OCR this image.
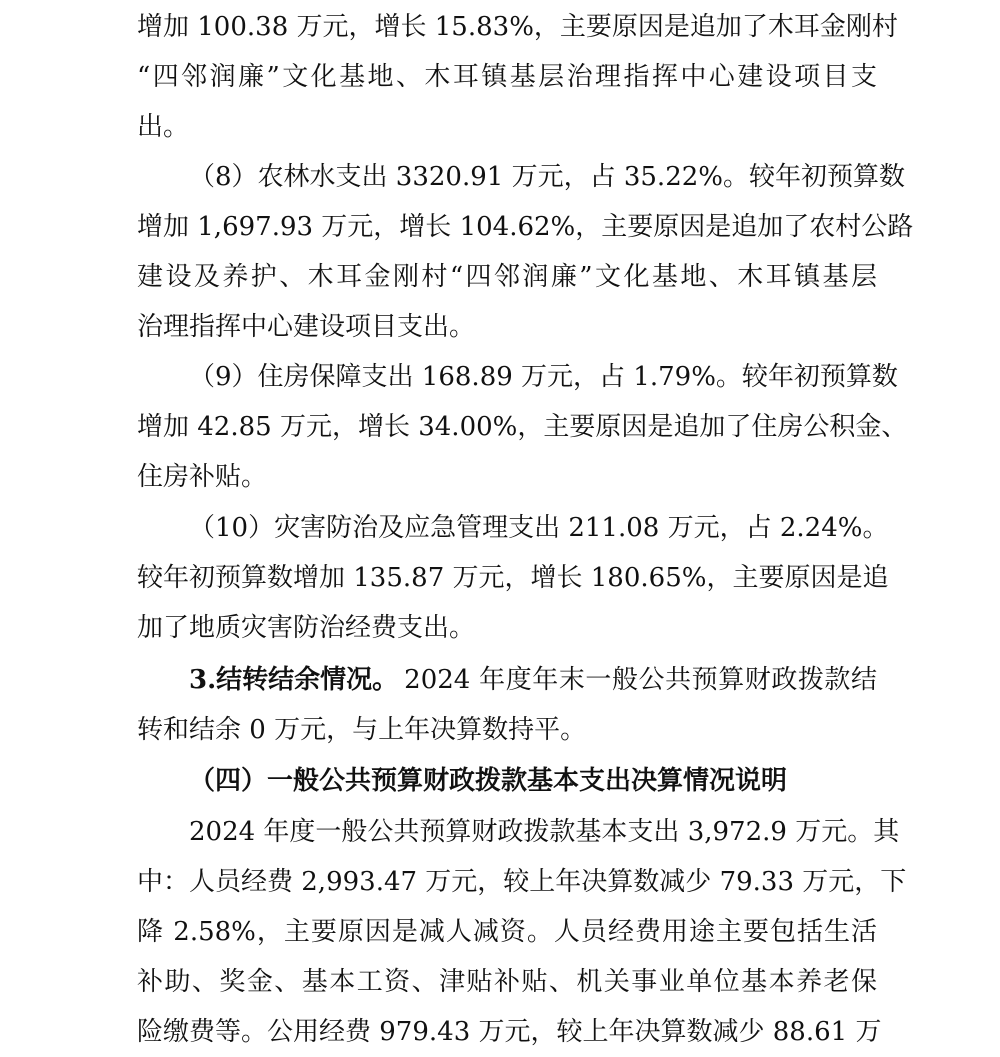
增加 100.38 万元，增长 15.83%，主要原因是追加了木耳金刚村
“四邻润廉”文化基地、木耳镇基层治理指挥中心建设项目支
出。
（8）农林水支出 3320.91 万元，占 35.22%。较年初预算数
增加 1,697.93 万元，增长 104.62%，主要原因是追加了农村公路
建设及养护、木耳金刚村“四邻润廉”文化基地、木耳镇基层
治理指挥中心建设项目支出。
（9）住房保障支出 168.89 万元，占 1.79%。较年初预算数
增加 42.85 万元，增长 34.00%，主要原因是追加了住房公积金、
住房补贴。
（10）灾害防治及应急管理支出 211.08 万元，占 2.24%。
较年初预算数增加 135.87 万元，增长 180.65%，主要原因是追
加了地质灾害防治经费支出。
3.结转结余情况。 2024 年度年末一般公共预算财政拨款结
转和结余 0 万元，与上年决算数持平。
（四）一般公共预算财政拨款基本支出决算情况说明
2024 年度一般公共预算财政拨款基本支出 3,972.9 万元。其
中：人员经费 2,993.47 万元，较上年决算数减少 79.33 万元，下
降 2.58%，主要原因是减人减资。人员经费用途主要包括生活
补助、奖金、基本工资、津贴补贴、机关事业单位基本养老保
险缴费等。公用经费 979.43 万元，较上年决算数减少 88.61 万
